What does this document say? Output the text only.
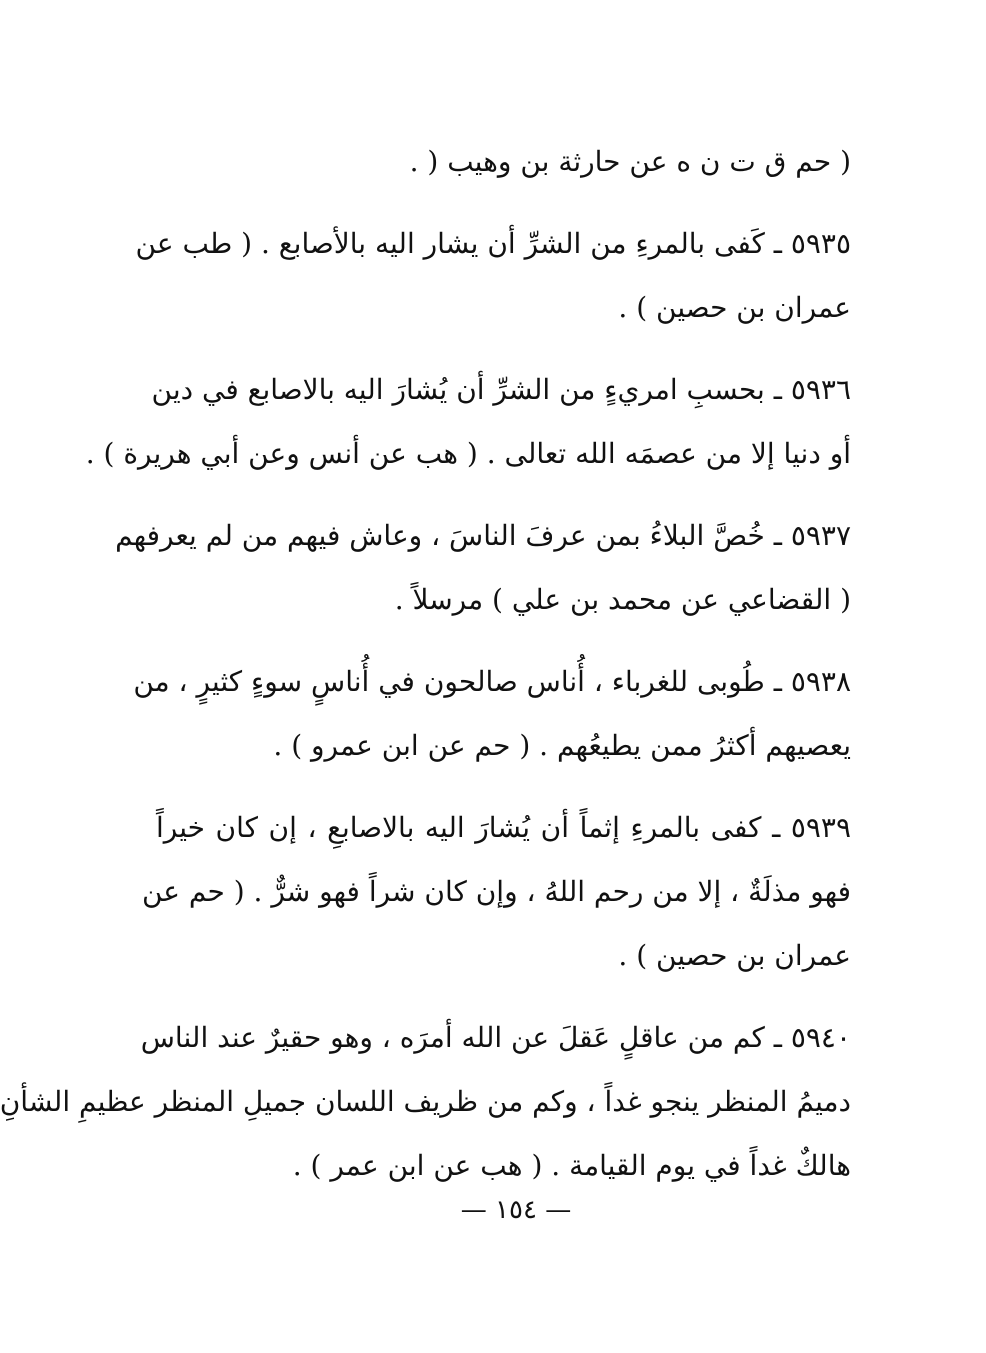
( حم ق ت ن ه عن حارثة بن وهيب ( .
٥٩٣٥ ـ كَفى بالمرءِ من الشرِّ أن يشار اليه بالأصابع . ( طب عن
عمران بن حصين ) .
٥٩٣٦ ـ بحسبِ امريءٍ من الشرِّ أن يُشارَ اليه بالاصابع في دين
أو دنيا إلا من عصمَه الله تعالى . ( هب عن أنس وعن أبي هريرة ) .
٥٩٣٧ ـ خُصَّ البلاءُ بمن عرفَ الناسَ ، وعاش فيهم من لم يعرفهم
( القضاعي عن محمد بن علي ) مرسلاً .
٥٩٣٨ ـ طُوبى للغرباء ، أُناس صالحون في أُناسٍ سوءٍ كثيرٍ ، من
يعصيهم أكثرُ ممن يطيعُهم . ( حم عن ابن عمرو ) .
٥٩٣٩ ـ كفى بالمرءِ إثماً أن يُشارَ اليه بالاصابعِ ، إن كان خيراً
فهو مذلَةٌ ، إلا من رحم اللهُ ، وإن كان شراً فهو شرٌّ . ( حم عن
عمران بن حصين ) .
٥٩٤٠ ـ كم من عاقلٍ عَقلَ عن الله أمرَه ، وهو حقيرٌ عند الناس
دميمُ المنظر ينجو غداً ، وكم من ظريف اللسان جميلِ المنظر عظيمِ الشأنِ
هالكٌ غداً في يوم القيامة . ( هب عن ابن عمر ) .
— ١٥٤ —
